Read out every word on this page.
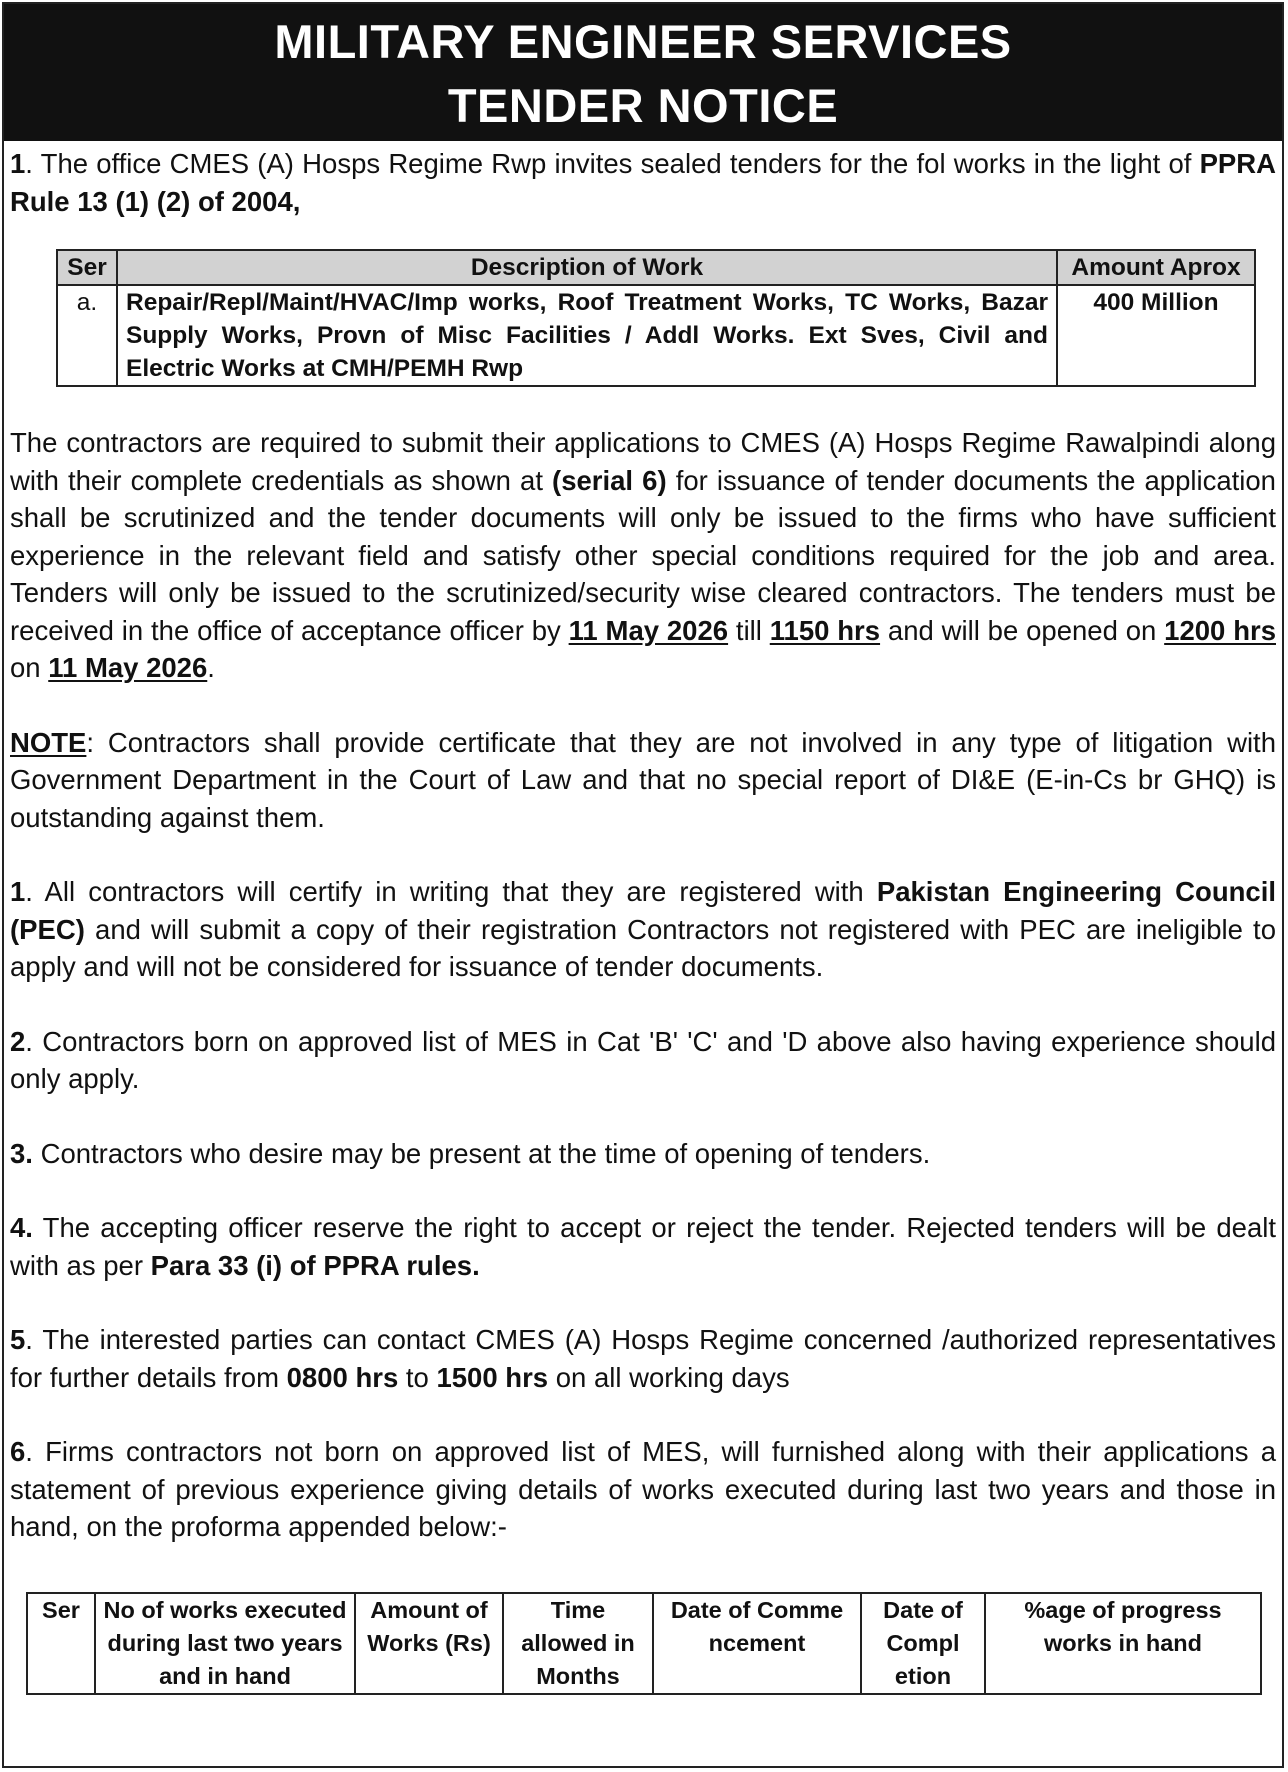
MILITARY ENGINEER SERVICES
TENDER NOTICE

1. The office CMES (A) Hosps Regime Rwp invites sealed tenders for the fol works in the light of PPRA Rule 13 (1) (2) of 2004,

Ser	Description of Work	Amount Aprox
a.	Repair/Repl/Maint/HVAC/Imp works, Roof Treatment Works, TC Works, Bazar Supply Works, Provn of Misc Facilities / Addl Works. Ext Sves, Civil and Electric Works at CMH/PEMH Rwp	400 Million

The contractors are required to submit their applications to CMES (A) Hosps Regime Rawalpindi along with their complete credentials as shown at (serial 6) for issuance of tender documents the application shall be scrutinized and the tender documents will only be issued to the firms who have sufficient experience in the relevant field and satisfy other special conditions required for the job and area. Tenders will only be issued to the scrutinized/security wise cleared contractors. The tenders must be received in the office of acceptance officer by 11 May 2026 till 1150 hrs and will be opened on 1200 hrs on 11 May 2026.

NOTE: Contractors shall provide certificate that they are not involved in any type of litigation with Government Department in the Court of Law and that no special report of DI&E (E-in-Cs br GHQ) is outstanding against them.

1. All contractors will certify in writing that they are registered with Pakistan Engineering Council (PEC) and will submit a copy of their registration Contractors not registered with PEC are ineligible to apply and will not be considered for issuance of tender documents.

2. Contractors born on approved list of MES in Cat 'B' 'C' and 'D above also having experience should only apply.

3. Contractors who desire may be present at the time of opening of tenders.

4. The accepting officer reserve the right to accept or reject the tender. Rejected tenders will be dealt with as per Para 33 (i) of PPRA rules.

5. The interested parties can contact CMES (A) Hosps Regime concerned /authorized representatives for further details from 0800 hrs to 1500 hrs on all working days

6. Firms contractors not born on approved list of MES, will furnished along with their applications a statement of previous experience giving details of works executed during last two years and those in hand, on the proforma appended below:-

Ser	No of works executed during last two years and in hand	Amount of Works (Rs)	Time allowed in Months	Date of Comme ncement	Date of Compl etion	%age of progress works in hand
